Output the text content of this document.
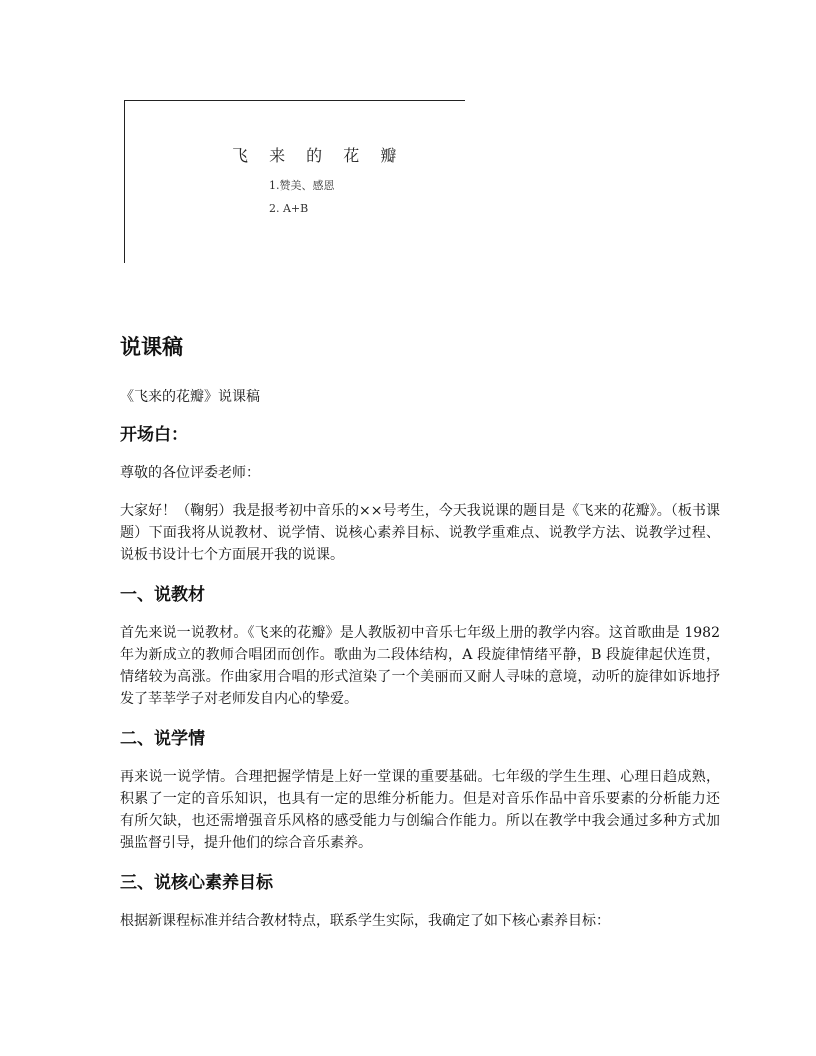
飞 来 的 花 瓣
1.赞美、感恩
2. A+B
说课稿
《飞来的花瓣》说课稿
开场白：

尊敬的各位评委老师：

大家好！（鞠躬）我是报考初中音乐的××号考生，今天我说课的题目是《飞来的花瓣》。（板书课题）下面我将从说教材、说学情、说核心素养目标、说教学重难点、说教学方法、说教学过程、说板书设计七个方面展开我的说课。

一、说教材

首先来说一说教材。《飞来的花瓣》是人教版初中音乐七年级上册的教学内容。这首歌曲是 1982 年为新成立的教师合唱团而创作。歌曲为二段体结构，A 段旋律情绪平静，B 段旋律起伏连贯，情绪较为高涨。作曲家用合唱的形式渲染了一个美丽而又耐人寻味的意境，动听的旋律如诉地抒发了莘莘学子对老师发自内心的挚爱。

二、说学情

再来说一说学情。合理把握学情是上好一堂课的重要基础。七年级的学生生理、心理日趋成熟，积累了一定的音乐知识，也具有一定的思维分析能力。但是对音乐作品中音乐要素的分析能力还有所欠缺，也还需增强音乐风格的感受能力与创编合作能力。所以在教学中我会通过多种方式加强监督引导，提升他们的综合音乐素养。

三、说核心素养目标

根据新课程标准并结合教材特点，联系学生实际，我确定了如下核心素养目标：
